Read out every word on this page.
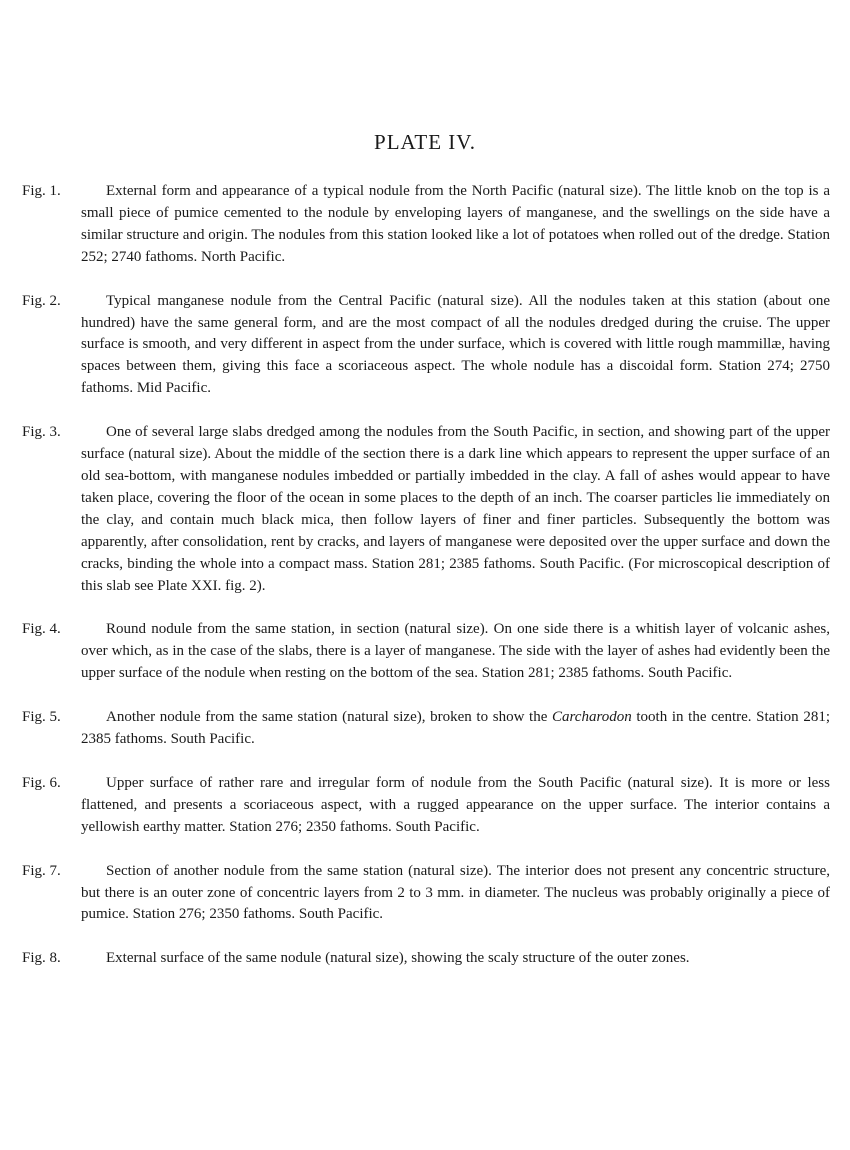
PLATE IV.
Fig. 1.	External form and appearance of a typical nodule from the North Pacific (natural size). The little knob on the top is a small piece of pumice cemented to the nodule by enveloping layers of manganese, and the swellings on the side have a similar structure and origin. The nodules from this station looked like a lot of potatoes when rolled out of the dredge. Station 252; 2740 fathoms. North Pacific.
Fig. 2.	Typical manganese nodule from the Central Pacific (natural size). All the nodules taken at this station (about one hundred) have the same general form, and are the most compact of all the nodules dredged during the cruise. The upper surface is smooth, and very different in aspect from the under surface, which is covered with little rough mammillæ, having spaces between them, giving this face a scoriaceous aspect. The whole nodule has a discoidal form. Station 274; 2750 fathoms. Mid Pacific.
Fig. 3.	One of several large slabs dredged among the nodules from the South Pacific, in section, and showing part of the upper surface (natural size). About the middle of the section there is a dark line which appears to represent the upper surface of an old sea-bottom, with manganese nodules imbedded or partially imbedded in the clay. A fall of ashes would appear to have taken place, covering the floor of the ocean in some places to the depth of an inch. The coarser particles lie immediately on the clay, and contain much black mica, then follow layers of finer and finer particles. Subsequently the bottom was apparently, after consolidation, rent by cracks, and layers of manganese were deposited over the upper surface and down the cracks, binding the whole into a compact mass. Station 281; 2385 fathoms. South Pacific. (For microscopical description of this slab see Plate XXI. fig. 2).
Fig. 4.	Round nodule from the same station, in section (natural size). On one side there is a whitish layer of volcanic ashes, over which, as in the case of the slabs, there is a layer of manganese. The side with the layer of ashes had evidently been the upper surface of the nodule when resting on the bottom of the sea. Station 281; 2385 fathoms. South Pacific.
Fig. 5.	Another nodule from the same station (natural size), broken to show the Carcharodon tooth in the centre. Station 281; 2385 fathoms. South Pacific.
Fig. 6.	Upper surface of rather rare and irregular form of nodule from the South Pacific (natural size). It is more or less flattened, and presents a scoriaceous aspect, with a rugged appearance on the upper surface. The interior contains a yellowish earthy matter. Station 276; 2350 fathoms. South Pacific.
Fig. 7.	Section of another nodule from the same station (natural size). The interior does not present any concentric structure, but there is an outer zone of concentric layers from 2 to 3 mm. in diameter. The nucleus was probably originally a piece of pumice. Station 276; 2350 fathoms. South Pacific.
Fig. 8.	External surface of the same nodule (natural size), showing the scaly structure of the outer zones.
